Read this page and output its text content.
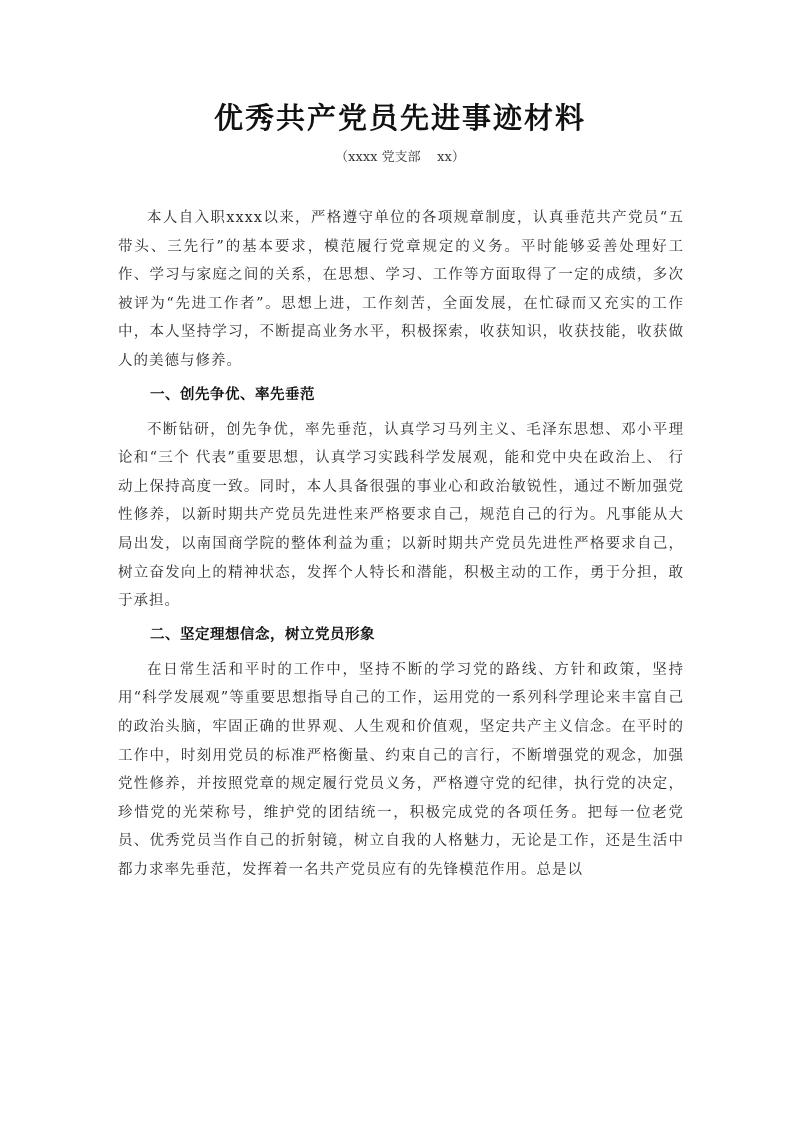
优秀共产党员先进事迹材料
（xxxx 党支部    xx）

本人自入职xxxx以来，严格遵守单位的各项规章制度，认真垂范共产党员“五带头、三先行”的基本要求，模范履行党章规定的义务。平时能够妥善处理好工作、学习与家庭之间的关系，在思想、学习、工作等方面取得了一定的成绩，多次被评为“先进工作者”。思想上进，工作刻苦，全面发展，在忙碌而又充实的工作中，本人坚持学习，不断提高业务水平，积极探索，收获知识，收获技能，收获做人的美德与修养。

一、创先争优、率先垂范

不断钻研，创先争优，率先垂范，认真学习马列主义、毛泽东思想、邓小平理论和“三个 代表”重要思想，认真学习实践科学发展观，能和党中央在政治上、 行动上保持高度一致。同时，本人具备很强的事业心和政治敏锐性，通过不断加强党性修养，以新时期共产党员先进性来严格要求自己，规范自己的行为。凡事能从大局出发，以南国商学院的整体利益为重；以新时期共产党员先进性严格要求自己，树立奋发向上的精神状态，发挥个人特长和潜能，积极主动的工作，勇于分担，敢于承担。

二、坚定理想信念，树立党员形象

在日常生活和平时的工作中，坚持不断的学习党的路线、方针和政策，坚持用“科学发展观”等重要思想指导自己的工作，运用党的一系列科学理论来丰富自己的政治头脑，牢固正确的世界观、人生观和价值观，坚定共产主义信念。在平时的工作中，时刻用党员的标准严格衡量、约束自己的言行，不断增强党的观念，加强党性修养，并按照党章的规定履行党员义务，严格遵守党的纪律，执行党的决定，珍惜党的光荣称号，维护党的团结统一，积极完成党的各项任务。把每一位老党员、优秀党员当作自己的折射镜，树立自我的人格魅力，无论是工作，还是生活中都力求率先垂范，发挥着一名共产党员应有的先锋模范作用。总是以
